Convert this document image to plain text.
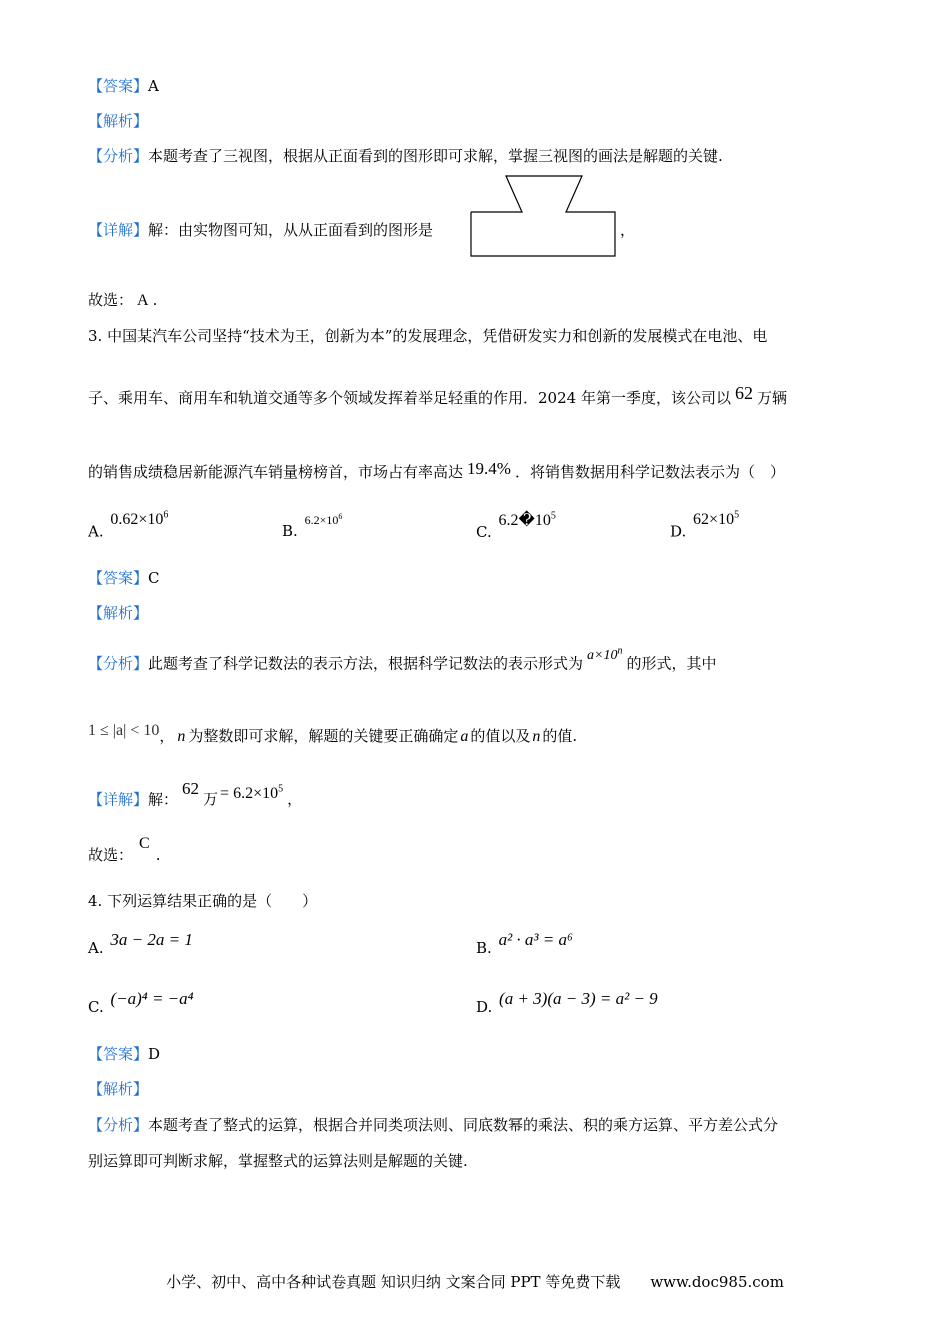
【答案】A
【解析】
【分析】本题考查了三视图，根据从正面看到的图形即可求解，掌握三视图的画法是解题的关键.
【详解】解：由实物图可知，从从正面看到的图形是	，
故选： A .
3. 中国某汽车公司坚持“技术为王，创新为本”的发展理念，凭借研发实力和创新的发展模式在电池、电
子、乘用车、商用车和轨道交通等多个领域发挥着举足轻重的作用．2024 年第一季度，该公司以 62 万辆
的销售成绩稳居新能源汽车销量榜榜首，市场占有率高达 19.4% ．将销售数据用科学记数法表示为（　）
A. $0.62\times 10^6$
B. $^{6.2\times 10^6}$
C. $6.2�10^5$
D. $62\times 10^5$
【答案】C
【解析】
【分析】此题考查了科学记数法的表示方法，根据科学记数法的表示形式为 $a\times 10^n$的形式，其中
1 ≤ |a| < 10， n 为整数即可求解，解题的关键要正确确定 a 的值以及 n 的值.
【详解】解：62万 = $6.2\times 10^5$，
故选：C.
4. 下列运算结果正确的是（　　）
A. 3a − 2a = 1	B. a² · a³ = a⁶
C. (−a)⁴ = −a⁴	D. (a + 3)(a − 3) = a² − 9
【答案】D
【解析】
【分析】本题考查了整式的运算，根据合并同类项法则、同底数幂的乘法、积的乘方运算、平方差公式分
别运算即可判断求解，掌握整式的运算法则是解题的关键.
小学、初中、高中各种试卷真题 知识归纳 文案合同 PPT 等免费下载　　www.doc985.com
